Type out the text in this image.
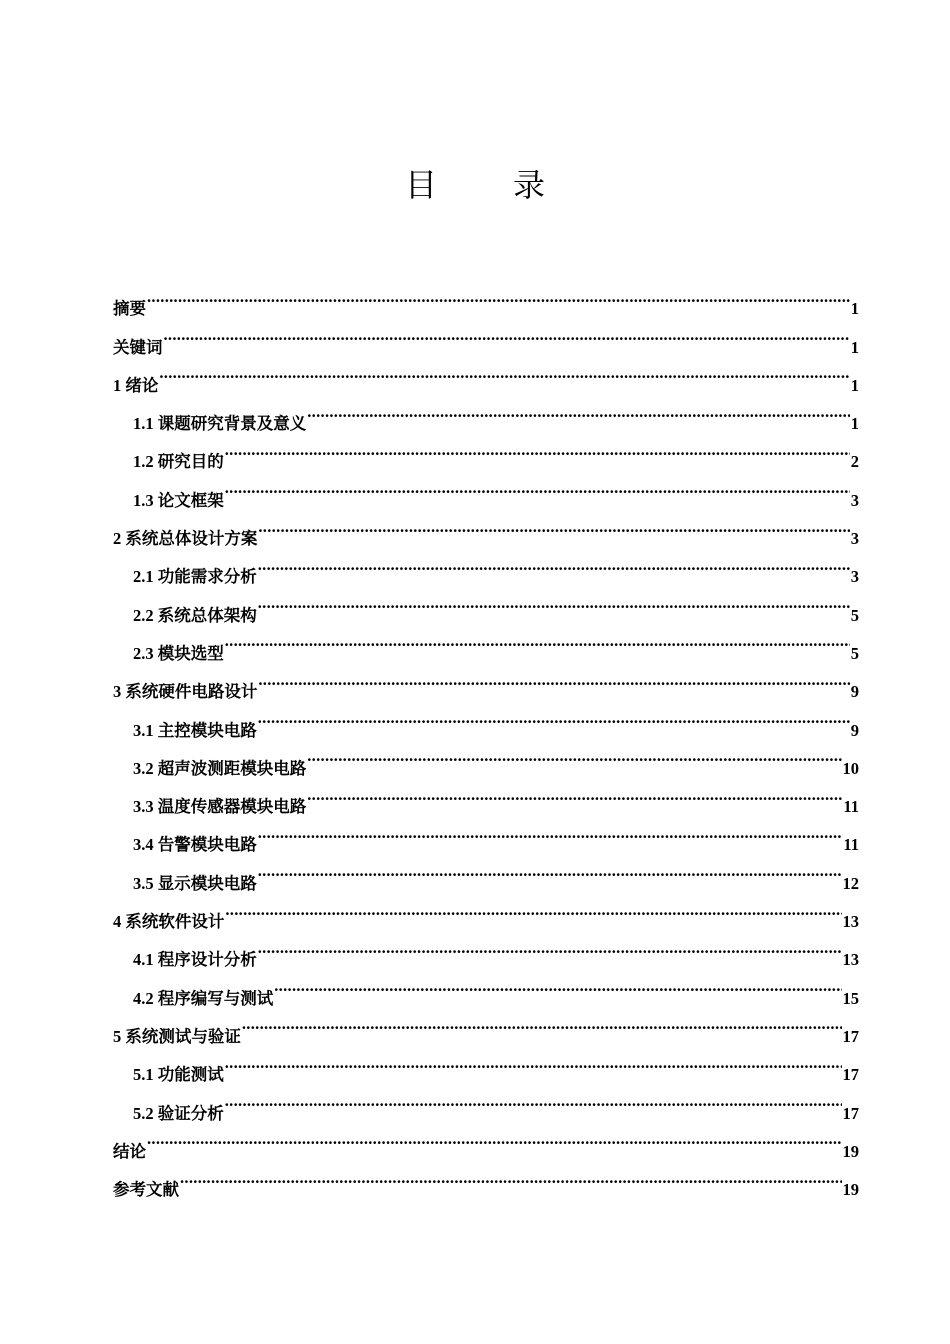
目 录
摘要 .....	1
关键词 .....	1
1 绪论 .....	1
1.1 课题研究背景及意义 .....	1
1.2 研究目的 .....	2
1.3 论文框架 .....	3
2 系统总体设计方案 .....	3
2.1 功能需求分析 .....	3
2.2 系统总体架构 .....	5
2.3 模块选型 .....	5
3 系统硬件电路设计 .....	9
3.1 主控模块电路 .....	9
3.2 超声波测距模块电路 .....	10
3.3 温度传感器模块电路 .....	11
3.4 告警模块电路 .....	11
3.5 显示模块电路 .....	12
4 系统软件设计 .....	13
4.1 程序设计分析 .....	13
4.2 程序编写与测试 .....	15
5 系统测试与验证 .....	17
5.1 功能测试 .....	17
5.2 验证分析 .....	17
结论 .....	19
参考文献 .....	19
